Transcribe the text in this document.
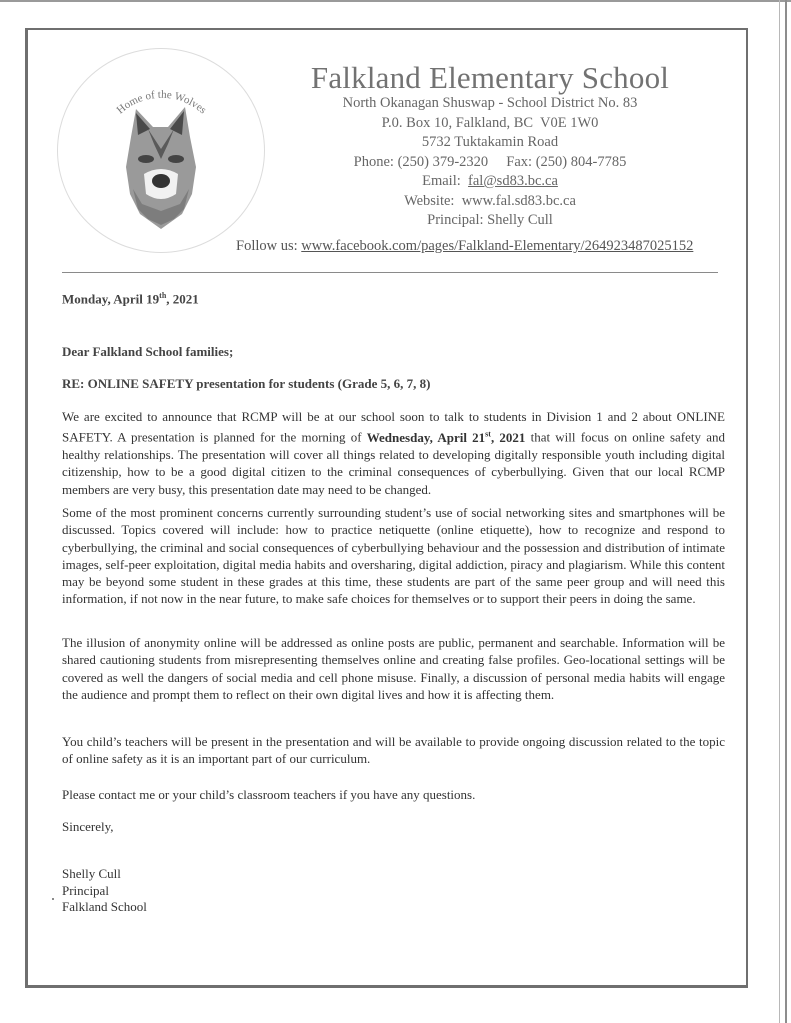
Home of the Wolves
Falkland Elementary School
North Okanagan Shuswap - School District No. 83
P.0. Box 10, Falkland, BC  V0E 1W0
5732 Tuktakamin Road
Phone: (250) 379-2320     Fax: (250) 804-7785
Email:  fal@sd83.bc.ca
Website:  www.fal.sd83.bc.ca
Principal: Shelly Cull
Follow us: www.facebook.com/pages/Falkland-Elementary/264923487025152
Monday, April 19th, 2021
Dear Falkland School families;
RE: ONLINE SAFETY presentation for students (Grade 5, 6, 7, 8)

We are excited to announce that RCMP will be at our school soon to talk to students in Division 1 and 2 about ONLINE SAFETY. A presentation is planned for the morning of Wednesday, April 21st, 2021 that will focus on online safety and healthy relationships. The presentation will cover all things related to developing digitally responsible youth including digital citizenship, how to be a good digital citizen to the criminal consequences of cyberbullying. Given that our local RCMP members are very busy, this presentation date may need to be changed.

Some of the most prominent concerns currently surrounding student’s use of social networking sites and smartphones will be discussed. Topics covered will include: how to practice netiquette (online etiquette), how to recognize and respond to cyberbullying, the criminal and social consequences of cyberbullying behaviour and the possession and distribution of intimate images, self-peer exploitation, digital media habits and oversharing, digital addiction, piracy and plagiarism. While this content may be beyond some student in these grades at this time, these students are part of the same peer group and will need this information, if not now in the near future, to make safe choices for themselves or to support their peers in doing the same.

The illusion of anonymity online will be addressed as online posts are public, permanent and searchable. Information will be shared cautioning students from misrepresenting themselves online and creating false profiles. Geo-locational settings will be covered as well the dangers of social media and cell phone misuse. Finally, a discussion of personal media habits will engage the audience and prompt them to reflect on their own digital lives and how it is affecting them.

You child’s teachers will be present in the presentation and will be available to provide ongoing discussion related to the topic of online safety as it is an important part of our curriculum.

Please contact me or your child’s classroom teachers if you have any questions.

Sincerely,

Shelly Cull
Principal
Falkland School
